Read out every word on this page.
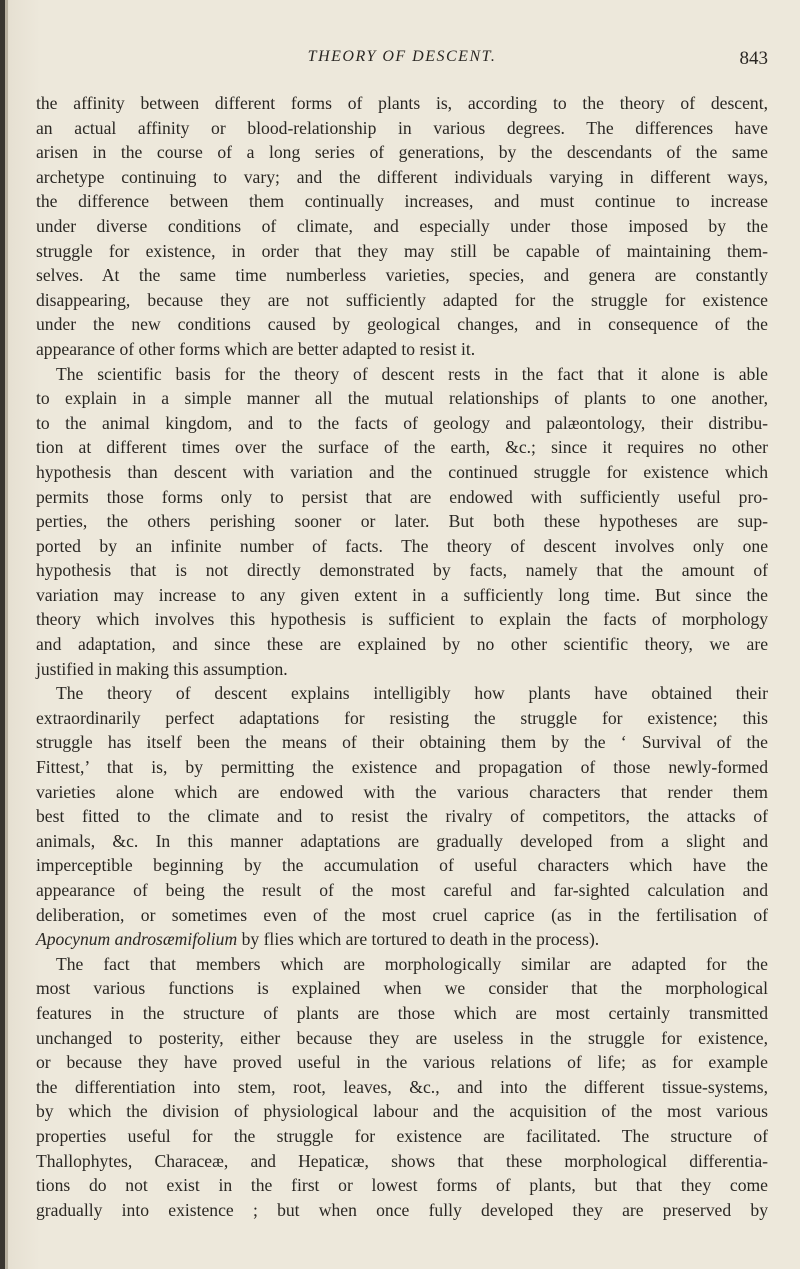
THEORY OF DESCENT.	843
the affinity between different forms of plants is, according to the theory of descent,
an actual affinity or blood-relationship in various degrees. The differences have
arisen in the course of a long series of generations, by the descendants of the same
archetype continuing to vary; and the different individuals varying in different ways,
the difference between them continually increases, and must continue to increase
under diverse conditions of climate, and especially under those imposed by the
struggle for existence, in order that they may still be capable of maintaining them-
selves. At the same time numberless varieties, species, and genera are constantly
disappearing, because they are not sufficiently adapted for the struggle for existence
under the new conditions caused by geological changes, and in consequence of the
appearance of other forms which are better adapted to resist it.
The scientific basis for the theory of descent rests in the fact that it alone is able
to explain in a simple manner all the mutual relationships of plants to one another,
to the animal kingdom, and to the facts of geology and palæontology, their distribu-
tion at different times over the surface of the earth, &c.; since it requires no other
hypothesis than descent with variation and the continued struggle for existence which
permits those forms only to persist that are endowed with sufficiently useful pro-
perties, the others perishing sooner or later. But both these hypotheses are sup-
ported by an infinite number of facts. The theory of descent involves only one
hypothesis that is not directly demonstrated by facts, namely that the amount of
variation may increase to any given extent in a sufficiently long time. But since the
theory which involves this hypothesis is sufficient to explain the facts of morphology
and adaptation, and since these are explained by no other scientific theory, we are
justified in making this assumption.
The theory of descent explains intelligibly how plants have obtained their
extraordinarily perfect adaptations for resisting the struggle for existence; this
struggle has itself been the means of their obtaining them by the ‘ Survival of the
Fittest,’ that is, by permitting the existence and propagation of those newly-formed
varieties alone which are endowed with the various characters that render them
best fitted to the climate and to resist the rivalry of competitors, the attacks of
animals, &c. In this manner adaptations are gradually developed from a slight and
imperceptible beginning by the accumulation of useful characters which have the
appearance of being the result of the most careful and far-sighted calculation and
deliberation, or sometimes even of the most cruel caprice (as in the fertilisation of
Apocynum androsæmifolium by flies which are tortured to death in the process).
The fact that members which are morphologically similar are adapted for the
most various functions is explained when we consider that the morphological
features in the structure of plants are those which are most certainly transmitted
unchanged to posterity, either because they are useless in the struggle for existence,
or because they have proved useful in the various relations of life; as for example
the differentiation into stem, root, leaves, &c., and into the different tissue-systems,
by which the division of physiological labour and the acquisition of the most various
properties useful for the struggle for existence are facilitated. The structure of
Thallophytes, Characeæ, and Hepaticæ, shows that these morphological differentia-
tions do not exist in the first or lowest forms of plants, but that they come
gradually into existence ; but when once fully developed they are preserved by
